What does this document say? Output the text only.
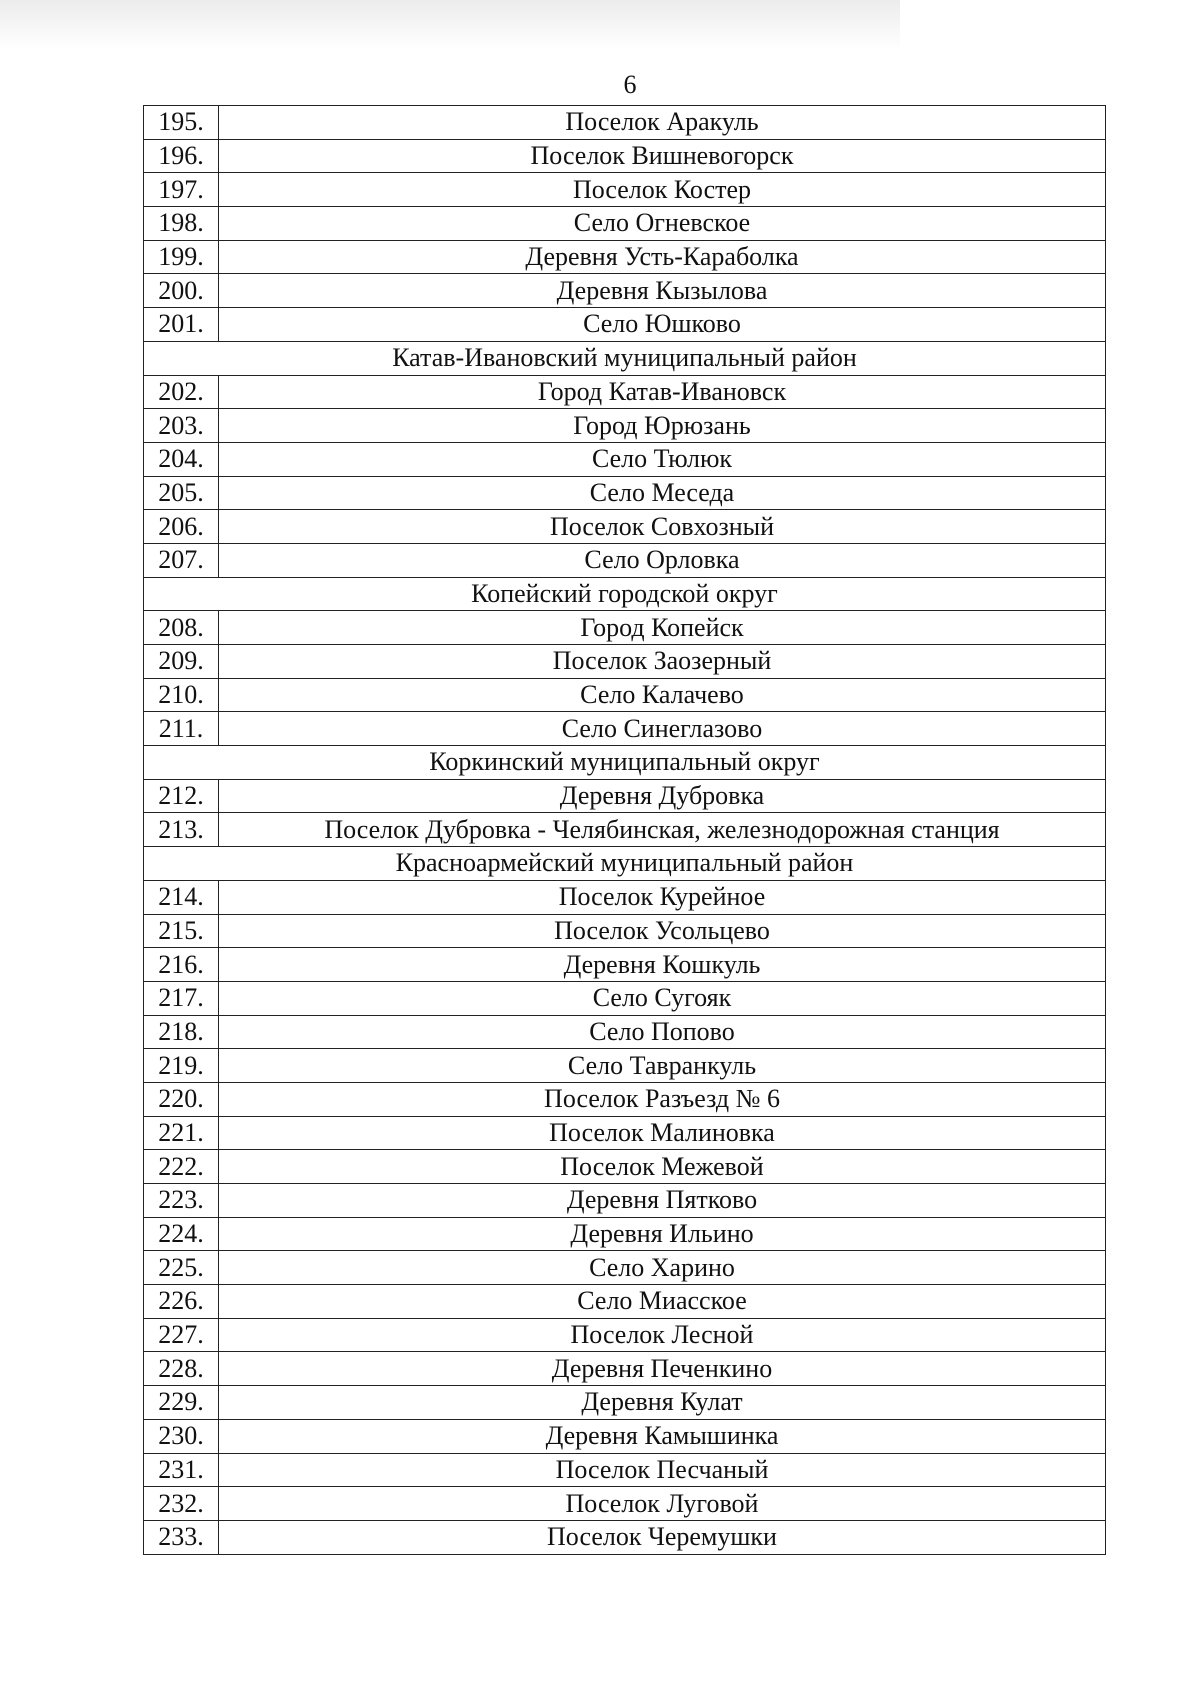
6
195.	Поселок Аракуль
196.	Поселок Вишневогорск
197.	Поселок Костер
198.	Село Огневское
199.	Деревня Усть-Караболка
200.	Деревня Кызылова
201.	Село Юшково
Катав-Ивановский муниципальный район	
202.	Город Катав-Ивановск
203.	Город Юрюзань
204.	Село Тюлюк
205.	Село Меседа
206.	Поселок Совхозный
207.	Село Орловка
Копейский городской округ	
208.	Город Копейск
209.	Поселок Заозерный
210.	Село Калачево
211.	Село Синеглазово
Коркинский муниципальный округ	
212.	Деревня Дубровка
213.	Поселок Дубровка - Челябинская, железнодорожная станция
Красноармейский муниципальный район	
214.	Поселок Курейное
215.	Поселок Усольцево
216.	Деревня Кошкуль
217.	Село Сугояк
218.	Село Попово
219.	Село Тавранкуль
220.	Поселок Разъезд № 6
221.	Поселок Малиновка
222.	Поселок Межевой
223.	Деревня Пятково
224.	Деревня Ильино
225.	Село Харино
226.	Село Миасское
227.	Поселок Лесной
228.	Деревня Печенкино
229.	Деревня Кулат
230.	Деревня Камышинка
231.	Поселок Песчаный
232.	Поселок Луговой
233.	Поселок Черемушки
